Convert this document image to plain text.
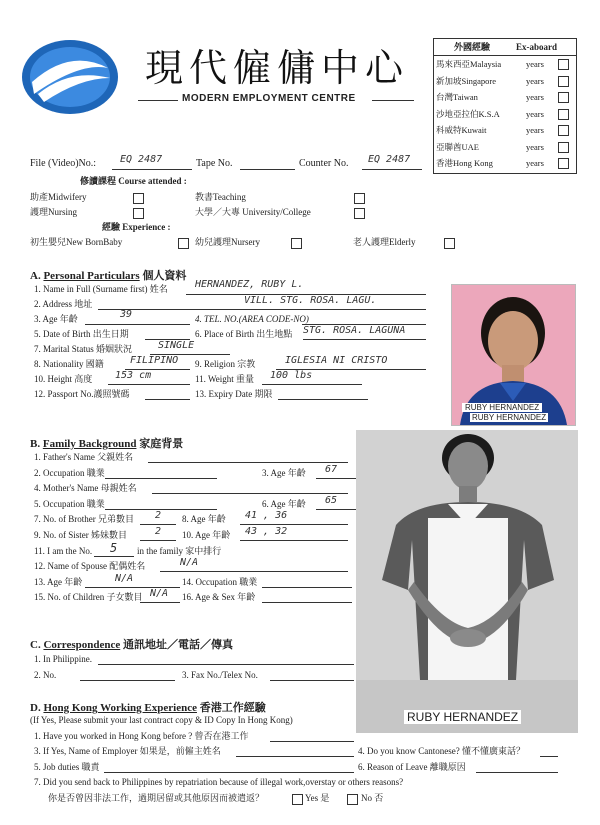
現代僱傭中心
MODERN EMPLOYMENT CENTRE
File (Video)No.: EQ 2487	Tape No.	Counter No. EQ 2487
外國經驗	Ex-aboard
馬來西亞Malaysia	years
新加坡Singapore	years
台灣Taiwan	years
沙地亞拉伯K.S.A	years
科威特Kuwait	years
亞聯酋UAE	years
香港Hong Kong	years
修讀課程 Course attended :
助產Midwifery	教書Teaching
護理Nursing	大學／大專 University/College
經驗 Experience :
初生嬰兒New BornBaby	幼兒護理Nursery	老人護理Elderly
A. Personal Particulars 個人資料
1. Name in Full (Surname first) 姓名	HERNANDEZ, RUBY L.
2. Address 地址	VILL. STG. ROSA. LAGU.
3. Age 年齡	39	4. TEL. NO.(AREA CODE-NO)
5. Date of Birth 出生日期	6. Place of Birth 出生地點 STG. ROSA. LAGUNA
7. Marital Status 婚姻狀況	SINGLE
8. Nationality 國籍	FILIPINO 9. Religion 宗教	IGLESIA NI CRISTO
10. Height 高度 153 cm	11. Weight 重量 100 lbs
12. Passport No.護照號碼	13. Expiry Date 期限
RUBY HERNANDEZ
RUBY HERNANDEZ
B. Family Background 家庭背景
1. Father's Name 父親姓名
2. Occupation 職業	3. Age 年齡 67
4. Mother's Name 母親姓名
5. Occupation 職業	6. Age 年齡 65
7. No. of Brother 兄弟數目 2 8. Age 年齡 41 , 36
9. No. of Sister 姊妹數目	2 10. Age 年齡 43 , 32
11. I am the No. 5 in the family 家中排行
12. Name of Spouse 配偶姓名	N/A
13. Age 年齡	N/A	14. Occupation 職業
15. No. of Children 子女數目 N/A 16. Age & Sex 年齡
RUBY HERNANDEZ
C. Correspondence 通訊地址／電話／傳真
1. In Philippine.
2. No.	3. Fax No./Telex No.
D. Hong Kong Working Experience 香港工作經驗
(If Yes, Please submit your last contract copy & ID Copy In Hong Kong)
1. Have you worked in Hong Kong before ? 曾否在港工作
3. If Yes, Name of Employer 如果是，前僱主姓名	4. Do you know Cantonese? 懂不懂廣東話？
5. Job duties 職責	6. Reason of Leave 離職原因
7. Did you send back to Philippines by repatriation because of illegal work,overstay or others reasons?
你是否曾因非法工作，過期居留或其他原因而被遣返？	Yes 是	No 否
